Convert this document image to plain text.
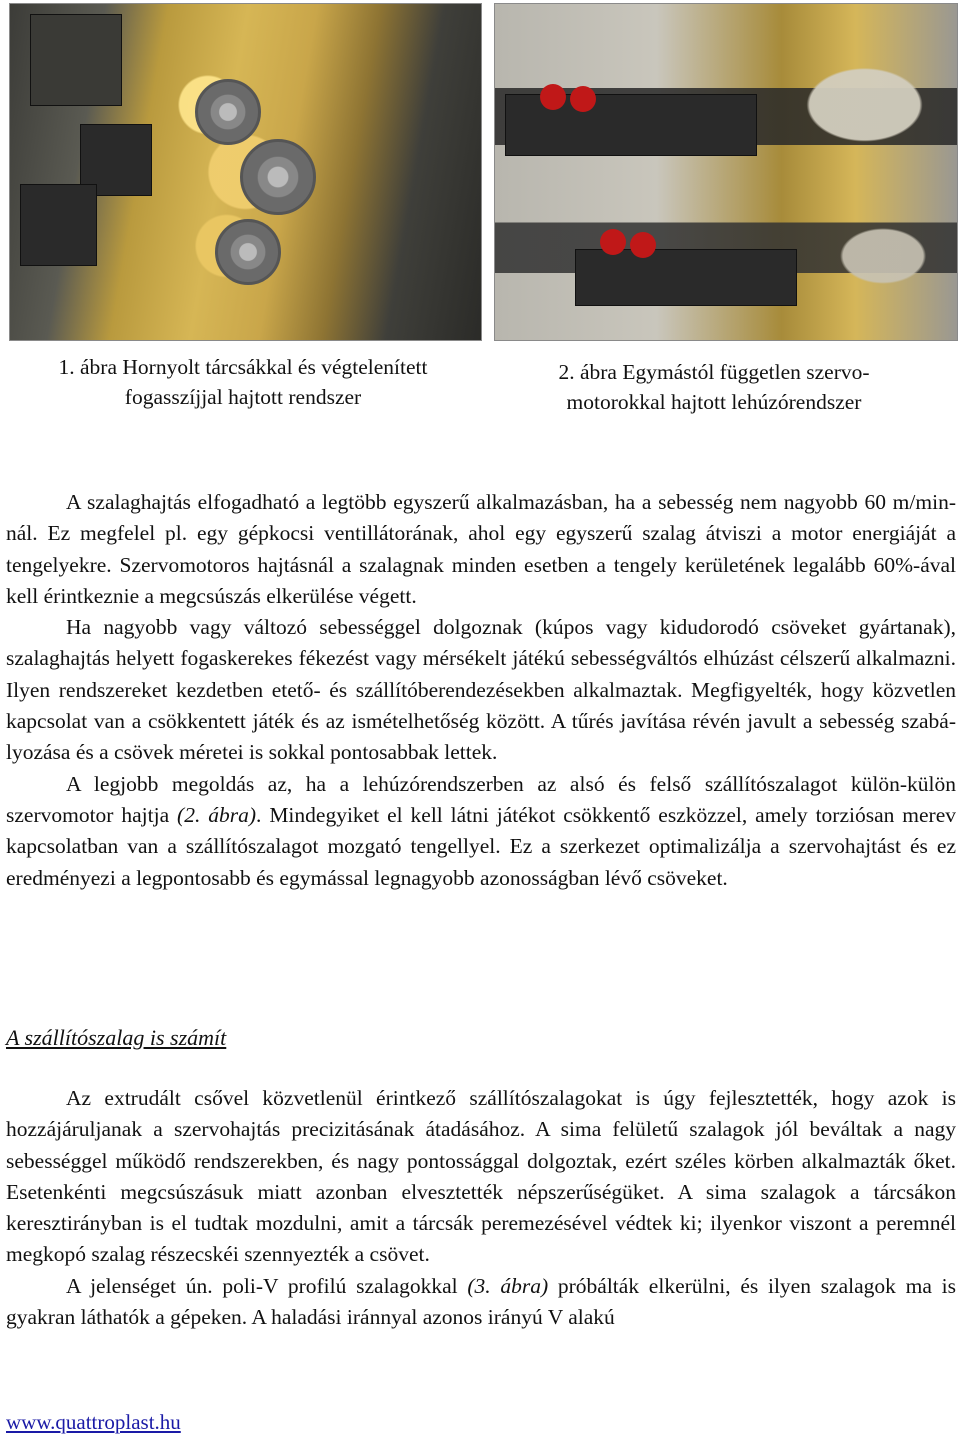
1. ábra Hornyolt tárcsákkal és végtelenített
fogasszíjjal hajtott rendszer
2. ábra Egymástól független szervo-
motorokkal hajtott lehúzórendszer

A szalaghajtás elfogadható a legtöbb egyszerű alkalmazásban, ha a sebesség nem nagyobb 60 m/min-nál. Ez megfelel pl. egy gépkocsi ventillátorának, ahol egy egyszerű szalag átviszi a motor energiáját a tengelyekre. Szervomotoros hajtásnál a szalagnak minden esetben a tengely kerületének legalább 60%-ával kell érintkeznie a megcsúszás elkerülése végett.

Ha nagyobb vagy változó sebességgel dolgoznak (kúpos vagy kidudorodó csöveket gyártanak), szalaghajtás helyett fogaskerekes fékezést vagy mérsékelt játékú sebességváltós elhúzást célszerű alkalmazni. Ilyen rendszereket kezdetben etető- és szállítóberendezésekben alkalmaztak. Megfigyelték, hogy közvetlen kapcsolat van a csökkentett játék és az ismételhetőség között. A tűrés javítása révén javult a sebesség szabályozása és a csövek méretei is sokkal pontosabbak lettek.

A legjobb megoldás az, ha a lehúzórendszerben az alsó és felső szállítószalagot külön-külön szervomotor hajtja (2. ábra). Mindegyiket el kell látni játékot csökkentő eszközzel, amely torziósan merev kapcsolatban van a szállítószalagot mozgató tengellyel. Ez a szerkezet optimalizálja a szervohajtást és ez eredményezi a legpontosabb és egymással legnagyobb azonosságban lévő csöveket.

A szállítószalag is számít

Az extrudált csővel közvetlenül érintkező szállítószalagokat is úgy fejlesztették, hogy azok is hozzájáruljanak a szervohajtás precizitásának átadásához. A sima felületű szalagok jól beváltak a nagy sebességgel működő rendszerekben, és nagy pontossággal dolgoztak, ezért széles körben alkalmazták őket. Esetenkénti megcsúszásuk miatt azonban elvesztették népszerűségüket. A sima szalagok a tárcsákon keresztirányban is el tudtak mozdulni, amit a tárcsák peremezésével védtek ki; ilyenkor viszont a peremnél megkopó szalag részecskéi szennyezték a csövet.

A jelenséget ún. poli-V profilú szalagokkal (3. ábra) próbálták elkerülni, és ilyen szalagok ma is gyakran láthatók a gépeken. A haladási iránnyal azonos irányú V alakú

www.quattroplast.hu
